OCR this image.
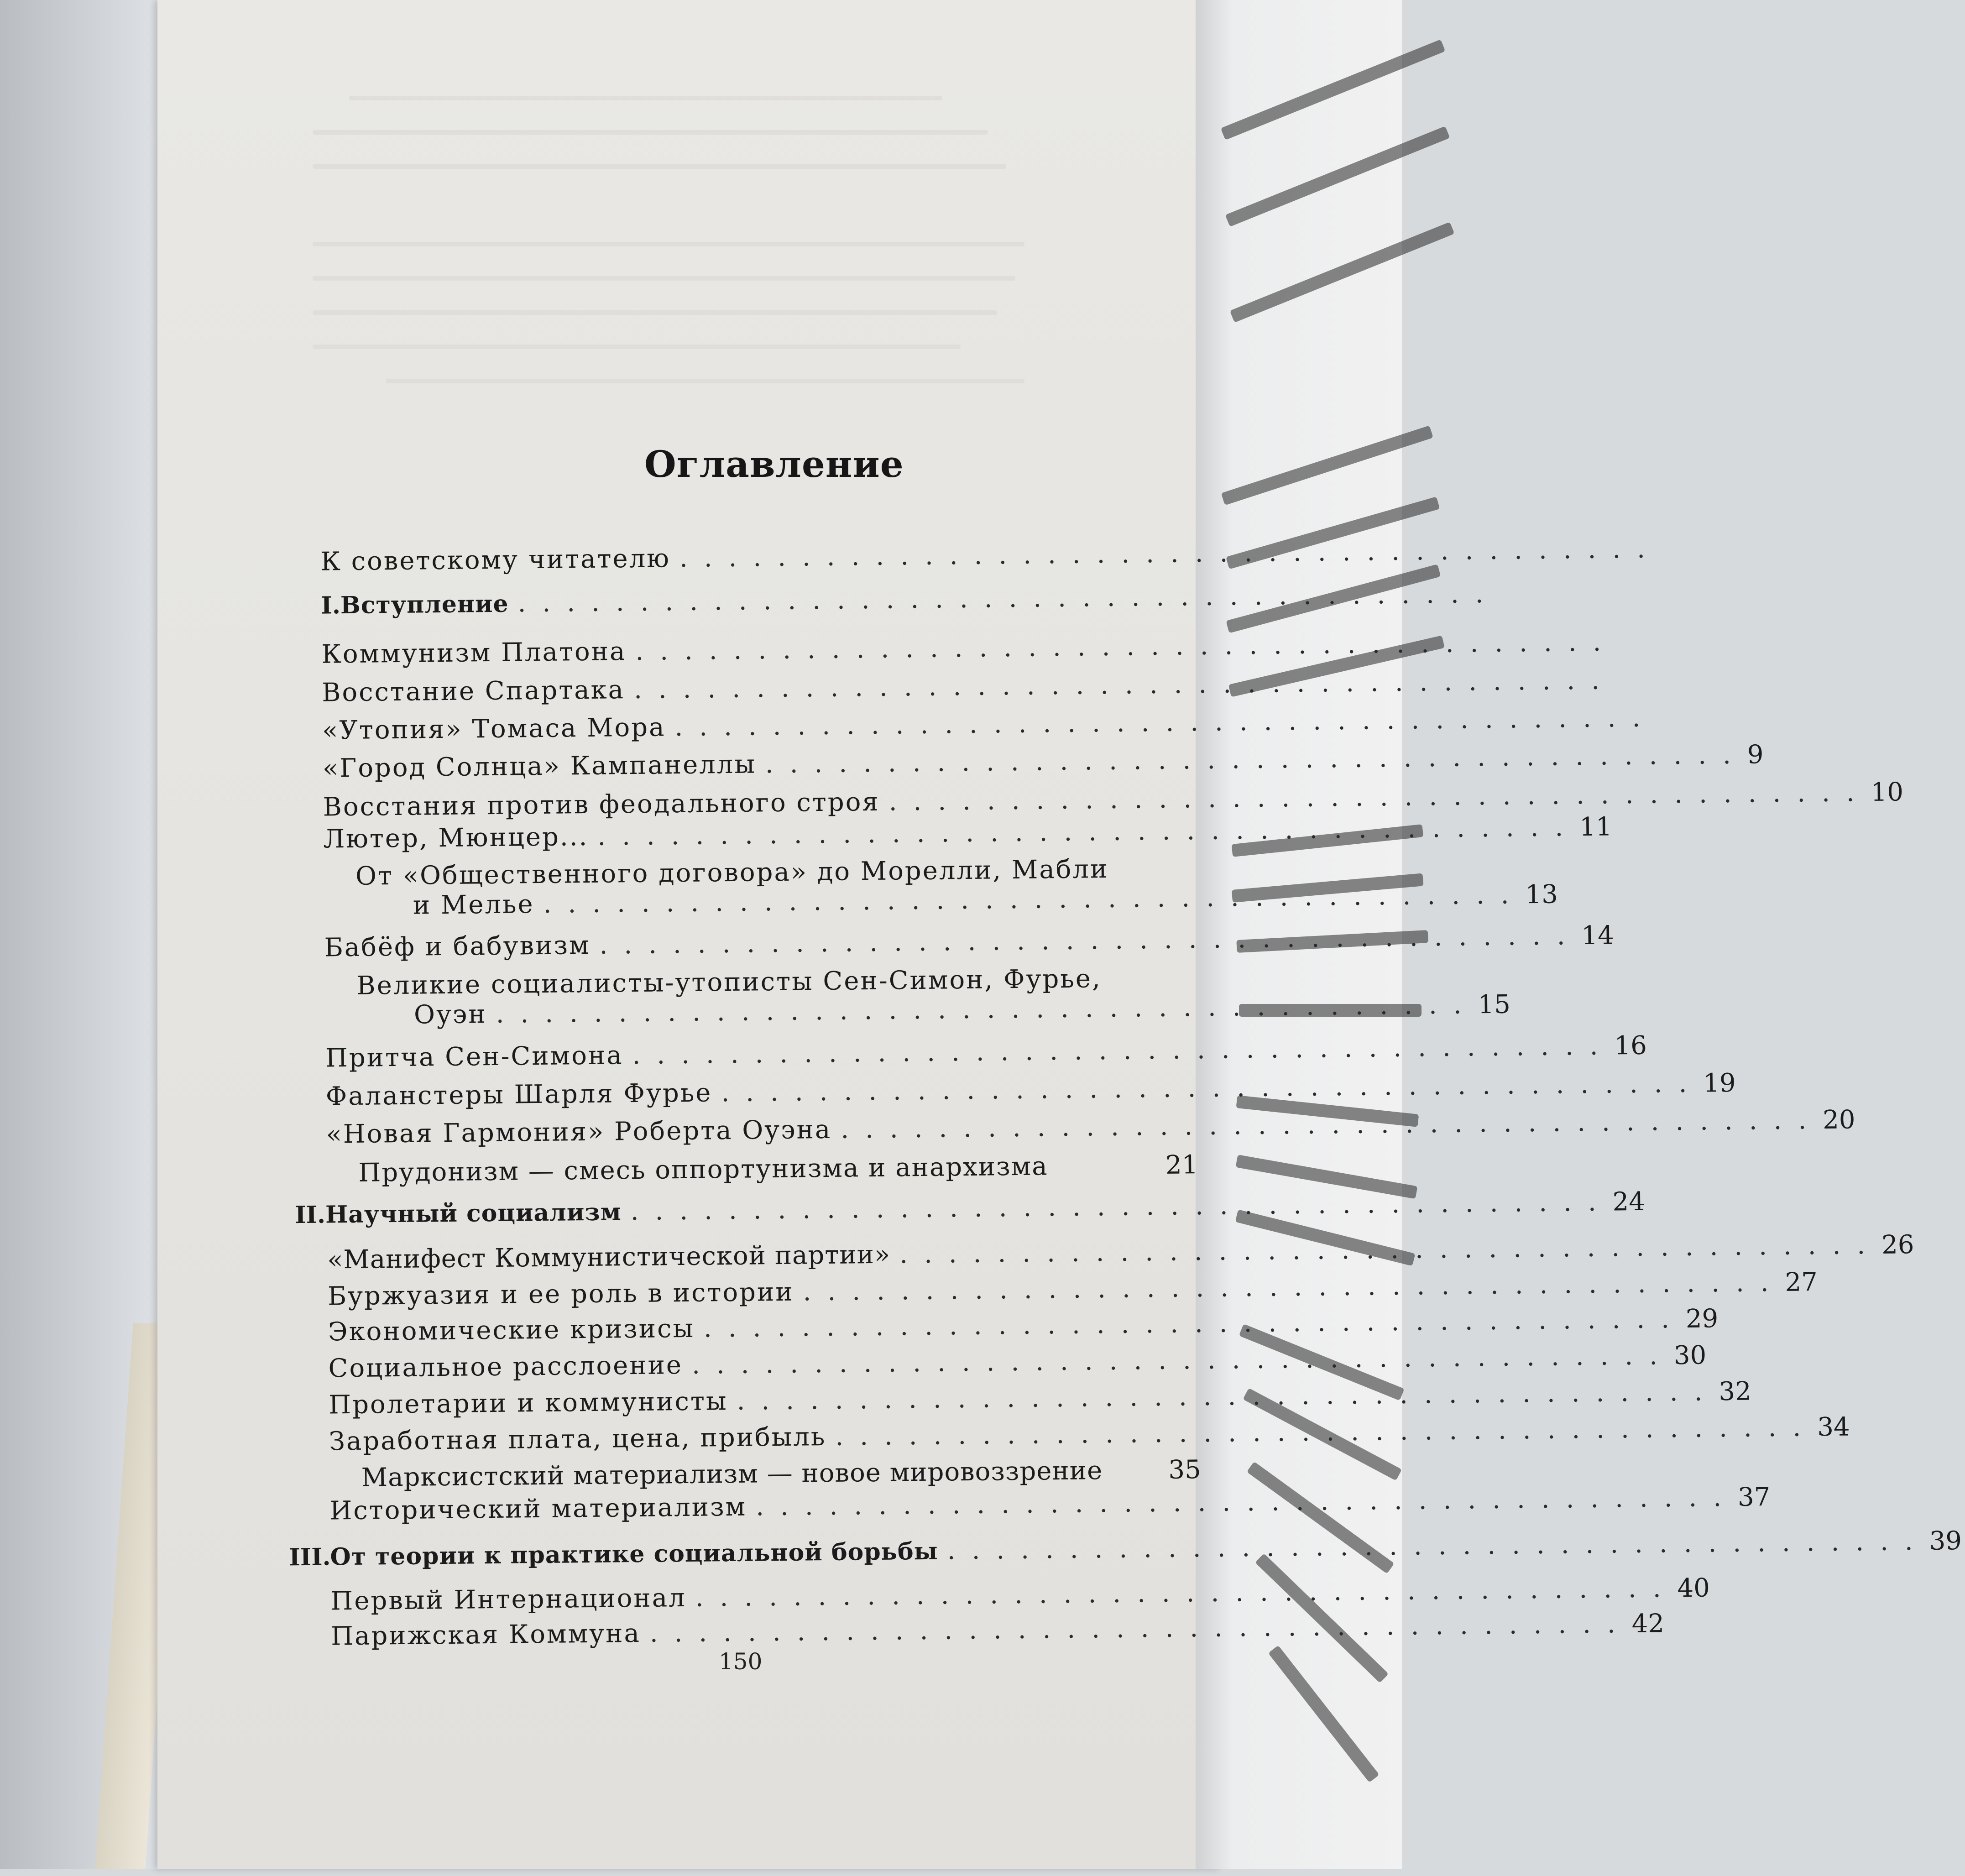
Оглавление
К советскому читателю ........................................
I. Вступление ........................................
Коммунизм Платона ........................................
Восстание Спартака ........................................
«Утопия» Томаса Мора ........................................
«Город Солнца» Кампанеллы ........................................ 9
Восстания против феодального строя ........................................ 10
Лютер, Мюнцер... ........................................ 11
От «Общественного договора» до Морелли, Мабли
и Мелье ........................................ 13
Бабёф и бабувизм ........................................ 14
Великие социалисты-утописты Сен-Симон, Фурье,
Оуэн ........................................ 15
Притча Сен-Симона ........................................ 16
Фаланстеры Шарля Фурье ........................................ 19
«Новая Гармония» Роберта Оуэна ........................................ 20
Прудонизм — смесь оппортунизма и анархизма	21
II. Научный социализм ........................................ 24
«Манифест Коммунистической партии» ........................................ 26
Буржуазия и ее роль в истории ........................................ 27
Экономические кризисы ........................................ 29
Социальное расслоение ........................................ 30
Пролетарии и коммунисты ........................................ 32
Заработная плата, цена, прибыль ........................................ 34
Марксистский материализм — новое мировоззрение	35
Исторический материализм ........................................ 37
III.
От теории к практике социальной борьбы ........................................ 39
Первый Интернационал ........................................ 40
Парижская Коммуна ........................................ 42
150
